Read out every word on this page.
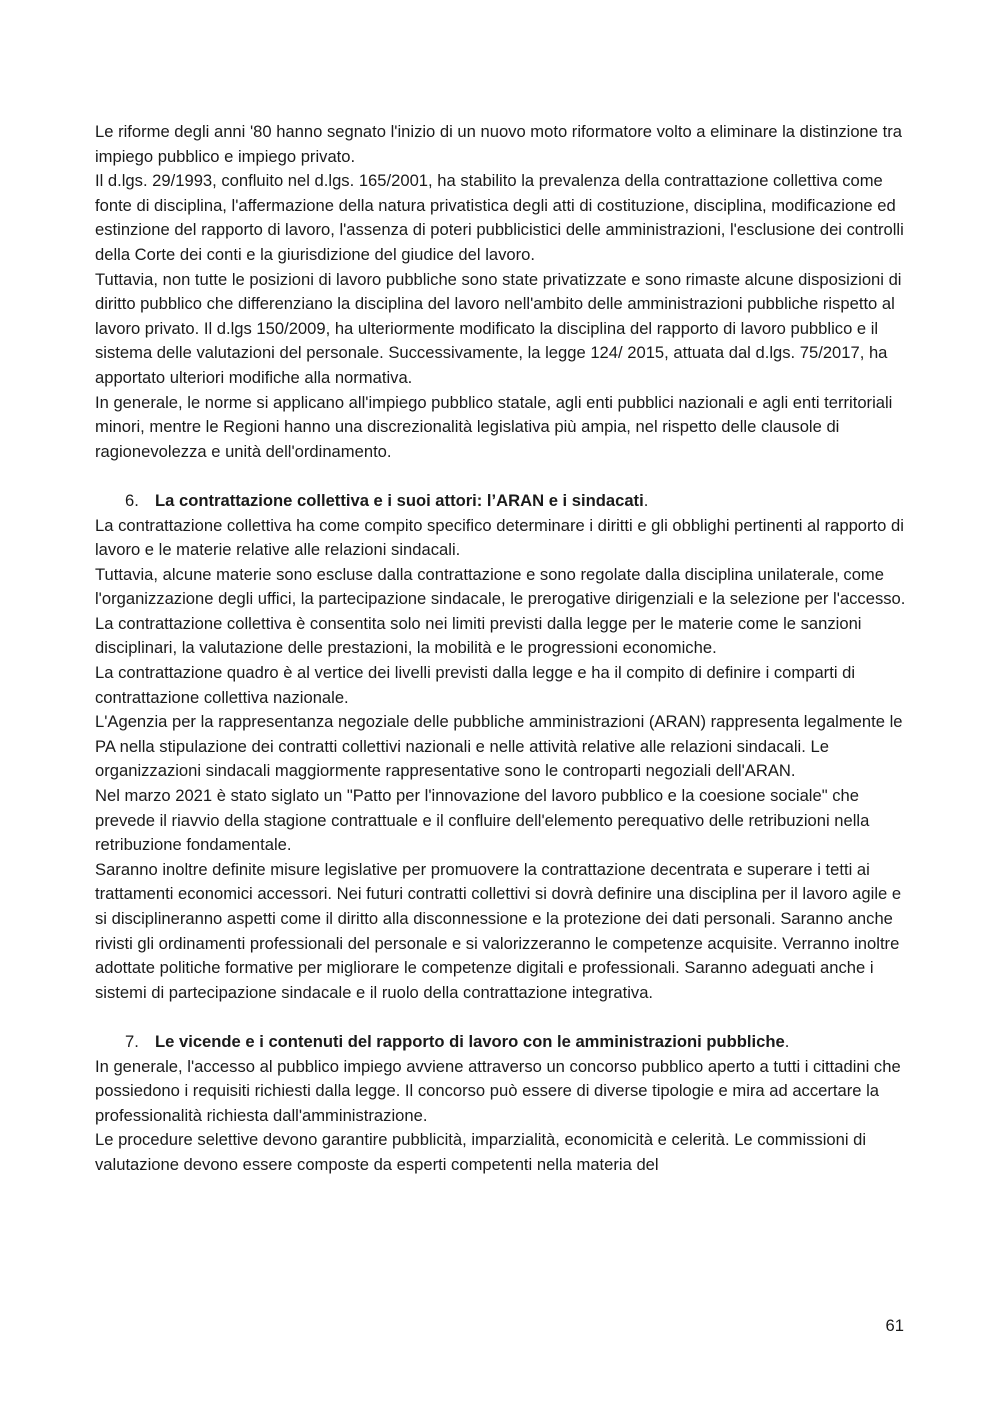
Le riforme degli anni '80 hanno segnato l'inizio di un nuovo moto riformatore volto a eliminare la distinzione tra impiego pubblico e impiego privato.

Il d.lgs. 29/1993, confluito nel d.lgs. 165/2001, ha stabilito la prevalenza della contrattazione collettiva come fonte di disciplina, l'affermazione della natura privatistica degli atti di costituzione, disciplina, modificazione ed estinzione del rapporto di lavoro, l'assenza di poteri pubblicistici delle amministrazioni, l'esclusione dei controlli della Corte dei conti e la giurisdizione del giudice del lavoro.

Tuttavia, non tutte le posizioni di lavoro pubbliche sono state privatizzate e sono rimaste alcune disposizioni di diritto pubblico che differenziano la disciplina del lavoro nell'ambito delle amministrazioni pubbliche rispetto al lavoro privato. Il d.lgs 150/2009, ha ulteriormente modificato la disciplina del rapporto di lavoro pubblico e il sistema delle valutazioni del personale. Successivamente, la legge 124/ 2015, attuata dal d.lgs. 75/2017, ha apportato ulteriori modifiche alla normativa.

In generale, le norme si applicano all'impiego pubblico statale, agli enti pubblici nazionali e agli enti territoriali minori, mentre le Regioni hanno una discrezionalità legislativa più ampia, nel rispetto delle clausole di ragionevolezza e unità dell'ordinamento.

6. La contrattazione collettiva e i suoi attori: l’ARAN e i sindacati.

La contrattazione collettiva ha come compito specifico determinare i diritti e gli obblighi pertinenti al rapporto di lavoro e le materie relative alle relazioni sindacali.

Tuttavia, alcune materie sono escluse dalla contrattazione e sono regolate dalla disciplina unilaterale, come l'organizzazione degli uffici, la partecipazione sindacale, le prerogative dirigenziali e la selezione per l'accesso.

La contrattazione collettiva è consentita solo nei limiti previsti dalla legge per le materie come le sanzioni disciplinari, la valutazione delle prestazioni, la mobilità e le progressioni economiche.

La contrattazione quadro è al vertice dei livelli previsti dalla legge e ha il compito di definire i comparti di contrattazione collettiva nazionale.

L'Agenzia per la rappresentanza negoziale delle pubbliche amministrazioni (ARAN) rappresenta legalmente le PA nella stipulazione dei contratti collettivi nazionali e nelle attività relative alle relazioni sindacali. Le organizzazioni sindacali maggiormente rappresentative sono le controparti negoziali dell'ARAN.

Nel marzo 2021 è stato siglato un "Patto per l'innovazione del lavoro pubblico e la coesione sociale" che prevede il riavvio della stagione contrattuale e il confluire dell'elemento perequativo delle retribuzioni nella retribuzione fondamentale.

Saranno inoltre definite misure legislative per promuovere la contrattazione decentrata e superare i tetti ai trattamenti economici accessori. Nei futuri contratti collettivi si dovrà definire una disciplina per il lavoro agile e si disciplineranno aspetti come il diritto alla disconnessione e la protezione dei dati personali. Saranno anche rivisti gli ordinamenti professionali del personale e si valorizzeranno le competenze acquisite. Verranno inoltre adottate politiche formative per migliorare le competenze digitali e professionali. Saranno adeguati anche i sistemi di partecipazione sindacale e il ruolo della contrattazione integrativa.

7. Le vicende e i contenuti del rapporto di lavoro con le amministrazioni pubbliche.

In generale, l'accesso al pubblico impiego avviene attraverso un concorso pubblico aperto a tutti i cittadini che possiedono i requisiti richiesti dalla legge. Il concorso può essere di diverse tipologie e mira ad accertare la professionalità richiesta dall'amministrazione.

Le procedure selettive devono garantire pubblicità, imparzialità, economicità e celerità. Le commissioni di valutazione devono essere composte da esperti competenti nella materia del

61
